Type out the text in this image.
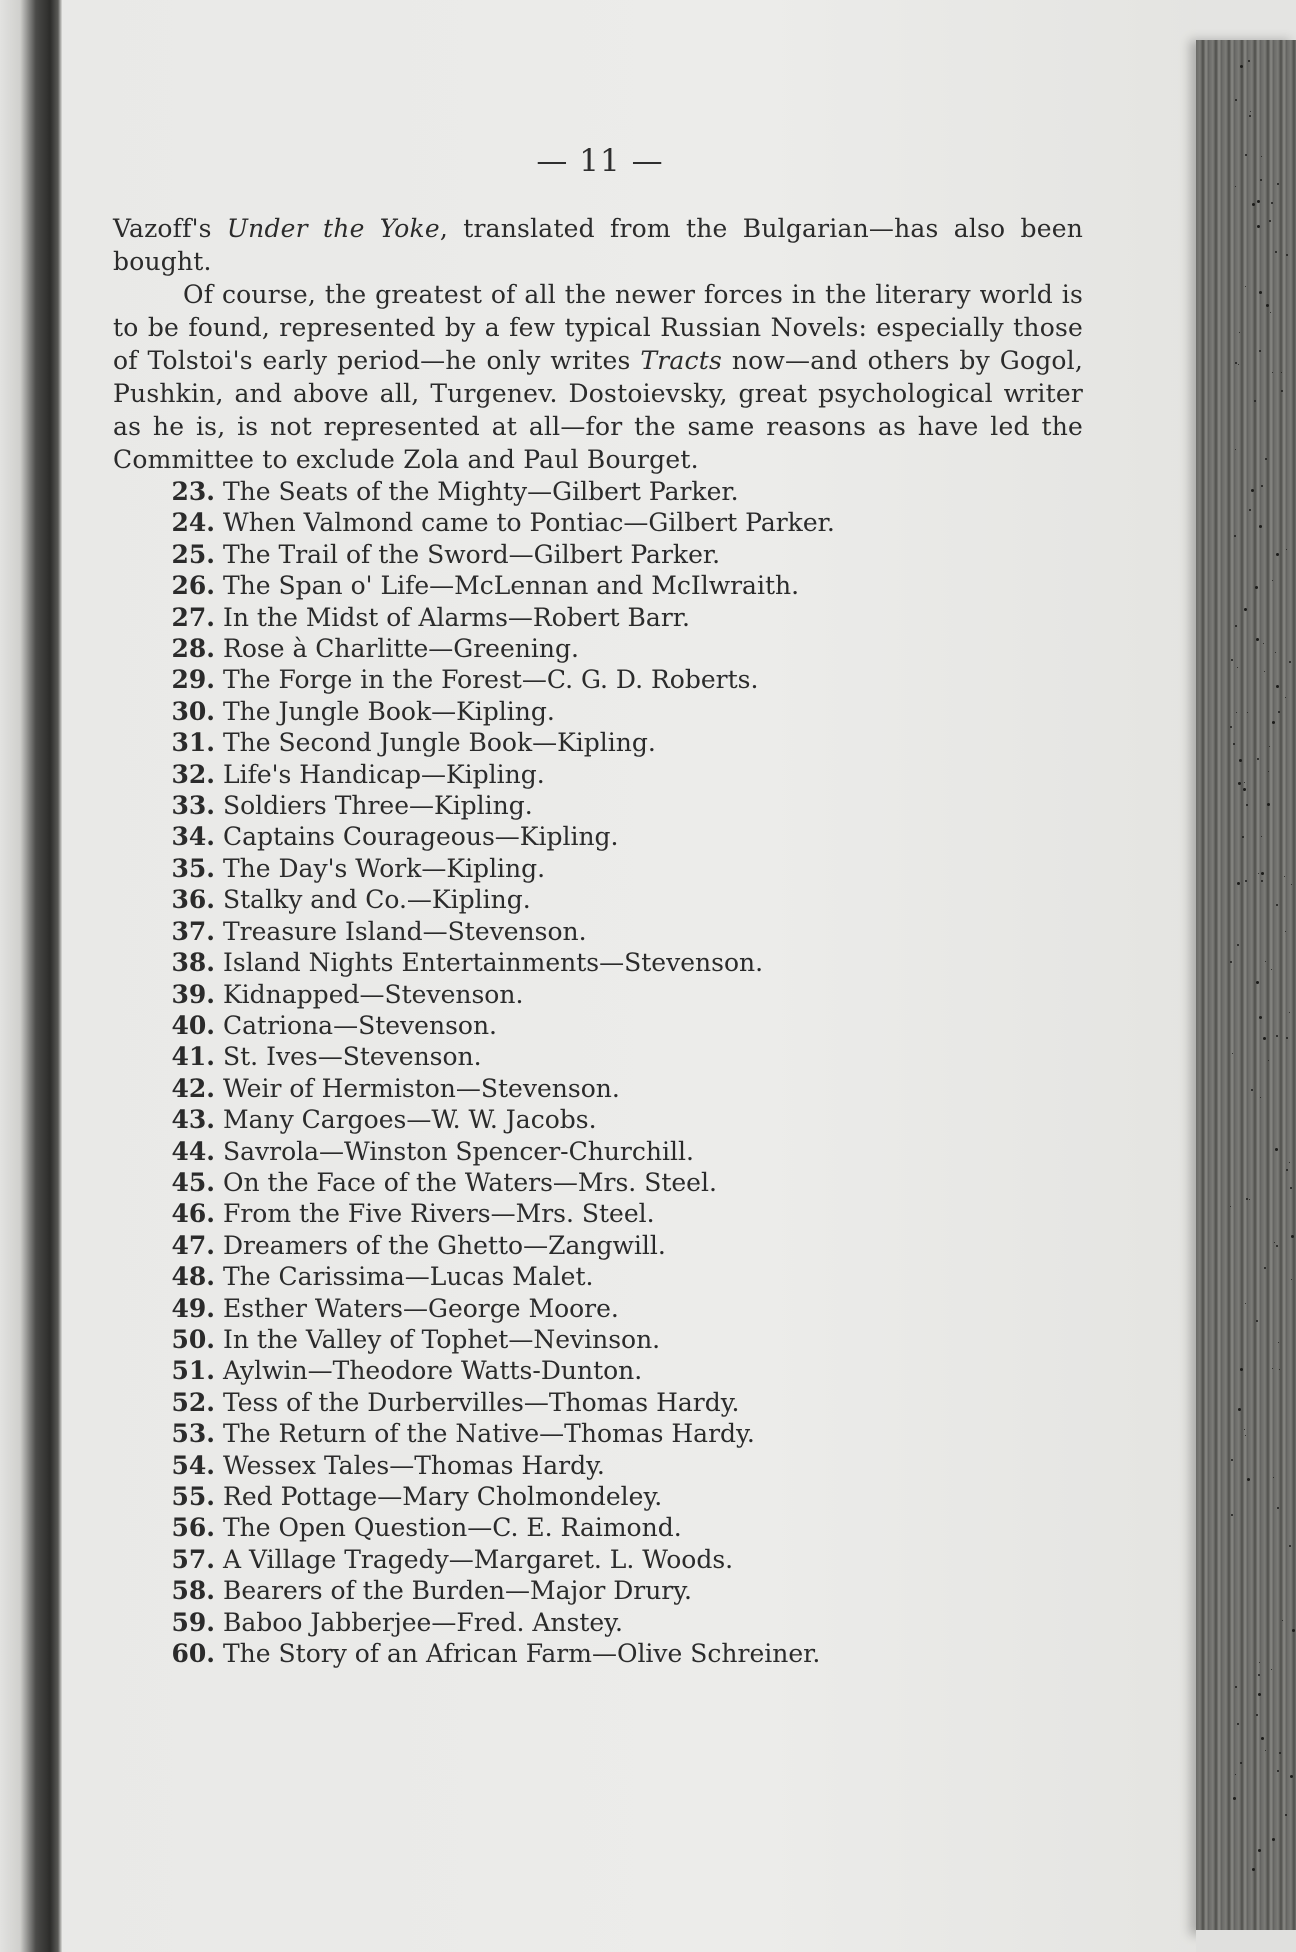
— 11 —

Vazoff's Under the Yoke, translated from the Bulgarian—has also been bought.

Of course, the greatest of all the newer forces in the literary world is to be found, represented by a few typical Russian Novels: especially those of Tolstoi's early period—he only writes Tracts now—and others by Gogol, Pushkin, and above all, Turgenev. Dostoievsky, great psychological writer as he is, is not represented at all—for the same reasons as have led the Committee to exclude Zola and Paul Bourget.

23 . The Seats of the Mighty—Gilbert Parker.
24 . When Valmond came to Pontiac—Gilbert Parker.
25 . The Trail of the Sword—Gilbert Parker.
26 . The Span o' Life—McLennan and McIlwraith.
27 . In the Midst of Alarms—Robert Barr.
28 . Rose à Charlitte—Greening.
29 . The Forge in the Forest—C. G. D. Roberts.
30 . The Jungle Book—Kipling.
31 . The Second Jungle Book—Kipling.
32 . Life's Handicap—Kipling.
33 . Soldiers Three—Kipling.
34 . Captains Courageous—Kipling.
35 . The Day's Work—Kipling.
36 . Stalky and Co.—Kipling.
37 . Treasure Island—Stevenson.
38 . Island Nights Entertainments—Stevenson.
39 . Kidnapped—Stevenson.
40 . Catriona—Stevenson.
41 . St. Ives—Stevenson.
42 . Weir of Hermiston—Stevenson.
43 . Many Cargoes—W. W. Jacobs.
44 . Savrola—Winston Spencer-Churchill.
45 . On the Face of the Waters—Mrs. Steel.
46 . From the Five Rivers—Mrs. Steel.
47 . Dreamers of the Ghetto—Zangwill.
48 . The Carissima—Lucas Malet.
49 . Esther Waters—George Moore.
50 . In the Valley of Tophet—Nevinson.
51 . Aylwin—Theodore Watts-Dunton.
52 . Tess of the Durbervilles—Thomas Hardy.
53 . The Return of the Native—Thomas Hardy.
54 . Wessex Tales—Thomas Hardy.
55 . Red Pottage—Mary Cholmondeley.
56 . The Open Question—C. E. Raimond.
57 . A Village Tragedy—Margaret. L. Woods.
58 . Bearers of the Burden—Major Drury.
59 . Baboo Jabberjee—Fred. Anstey.
60 . The Story of an African Farm—Olive Schreiner.
